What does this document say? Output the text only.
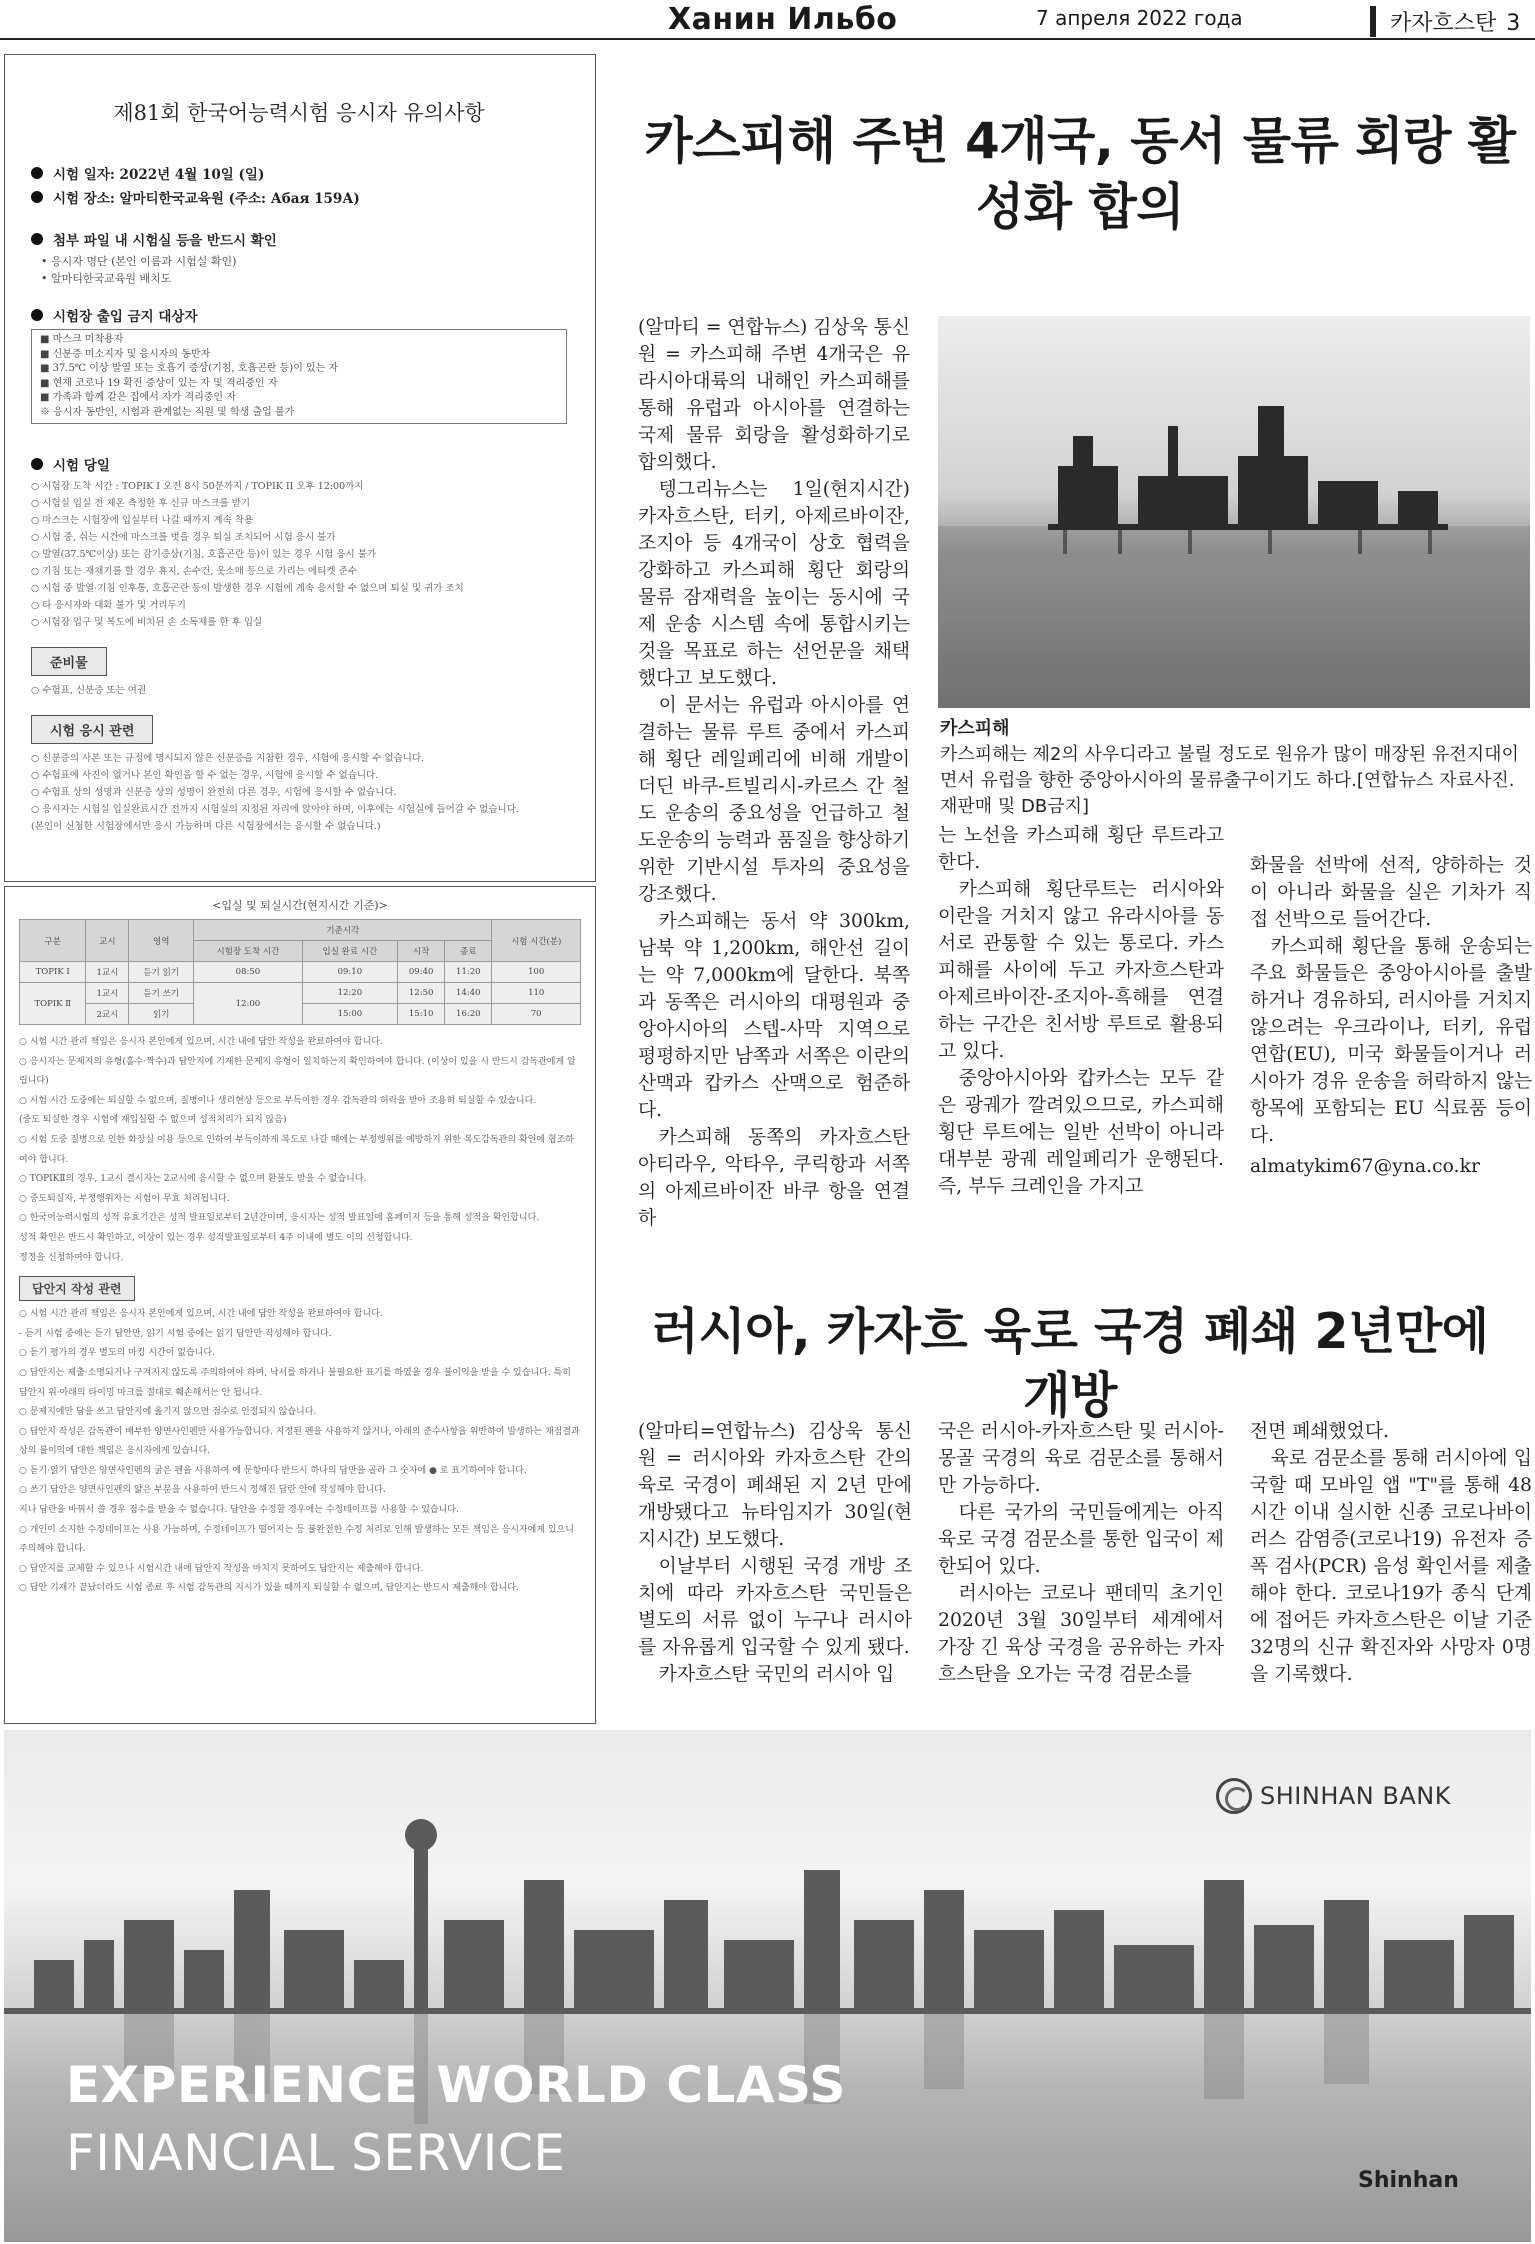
Ханин Ильбо	7 апреля 2022 года	카자흐스탄 3
제81회 한국어능력시험 응시자 유의사항
시험 일자: 2022년 4월 10일 (일)
시험 장소: 알마티한국교육원 (주소: Абая 159А)
첨부 파일 내 시험실 등을 반드시 확인
• 응시자 명단 (본인 이름과 시험실 확인)
• 알마티한국교육원 배치도
시험장 출입 금지 대상자
■ 마스크 미착용자
■ 신분증 미소지자 및 응시자의 동반자
■ 37.5℃ 이상 발열 또는 호흡기 증상(기침, 호흡곤란 등)이 있는 자
■ 현재 코로나 19 확진 증상이 있는 자 및 격리중인 자
■ 가족과 함께 같은 집에서 자가 격리중인 자
※ 응시자 동반인, 시험과 관계없는 직원 및 학생 출입 불가
시험 당일
○ 시험장 도착 시간 : TOPIK I 오전 8시 50분까지 / TOPIK II 오후 12:00까지
○ 시험실 입실 전 체온 측정한 후 신규 마스크를 받기
○ 마스크는 시험장에 입실부터 나갈 때까지 계속 착용
○ 시험 중, 쉬는 시간에 마스크를 벗을 경우 퇴실 조치되어 시험 응시 불가
○ 발열(37.5℃이상) 또는 감기증상(기침, 호흡곤란 등)이 있는 경우 시험 응시 불가
○ 기침 또는 재채기를 할 경우 휴지, 손수건, 옷소매 등으로 가리는 에티켓 준수
○ 시험 중 발열·기침 인후통, 호흡곤란 등이 발생한 경우 시험에 계속 응시할 수 없으며 퇴실 및 귀가 조치
○ 타 응시자와 대화 불가 및 거리두기
○ 시험장 입구 및 복도에 비치된 손 소독제를 한 후 입실
준비물
○ 수험표, 신분증 또는 여권
시험 응시 관련
○ 신분증의 사본 또는 규정에 명시되지 않은 신분증을 지참한 경우, 시험에 응시할 수 없습니다.
○ 수험표에 사진이 없거나 본인 확인을 할 수 없는 경우, 시험에 응시할 수 없습니다.
○ 수험표 상의 성명과 신분증 상의 성명이 완전히 다른 경우, 시험에 응시할 수 없습니다.
○ 응시자는 시험실 입실완료시간 전까지 시험실의 지정된 자리에 앉아야 하며, 이후에는 시험실에 들어갈 수 없습니다.
(본인이 신청한 시험장에서만 응시 가능하며 다른 시험장에서는 응시할 수 없습니다.)
<입실 및 퇴실시간(현지시간 기준)>
구분	교시	영역	기준시각				시험 시간(분)
			시험장 도착 시간	입실 완료 시간	시작	종료	
TOPIK Ⅰ	1교시	듣기 읽기	08:50	09:10	09:40	11:20	100
TOPIK Ⅱ	1교시	듣기 쓰기	12:00	12:20	12:50	14:40	110
	2교시	읽기		15:00	15:10	16:20	70
○ 시험 시간 관리 책임은 응시자 본인에게 있으며, 시간 내에 답안 작성을 완료하여야 합니다.
○ 응시자는 문제지의 유형(홀수·짝수)과 답안지에 기재한 문제지 유형이 일치하는지 확인하여야 합니다. (이상이 있을 시 반드시 감독관에게 알립니다)
○ 시험 시간 도중에는 퇴실할 수 없으며, 질병이나 생리현상 등으로 부득이한 경우 감독관의 허락을 받아 조용히 퇴실할 수 있습니다.
(중도 퇴실한 경우 시험에 재입실할 수 없으며 성적처리가 되지 않음)
○ 시험 도중 질병으로 인한 화장실 이용 등으로 인하여 부득이하게 복도로 나갈 때에는 부정행위를 예방하기 위한 복도감독관의 확인에 협조하여야 합니다.
○ TOPIKⅡ의 경우, 1교시 결시자는 2교시에 응시할 수 없으며 환불도 받을 수 없습니다.
○ 중도퇴실자, 부정행위자는 시험이 무효 처리됩니다.
○ 한국어능력시험의 성적 유효기간은 성적 발표일로부터 2년간이며, 응시자는 성적 발표일에 홈페이지 등을 통해 성적을 확인합니다.
성적 확인은 반드시 확인하고, 이상이 있는 경우 성적발표일로부터 4주 이내에 별도 이의 신청합니다.
정정을 신청하여야 합니다.
답안지 작성 관련
○ 시험 시간 관리 책임은 응시자 본인에게 있으며, 시간 내에 답안 작성을 완료하여야 합니다.
- 듣기 시험 중에는 듣기 답안만, 읽기 시험 중에는 읽기 답안만 작성해야 합니다.
○ 듣기 평가의 경우 별도의 마킹 시간이 없습니다.
○ 답안지는 제출·소명되거나 구겨지지 않도록 주의하여야 하며, 낙서를 하거나 불필요한 표기를 하였을 경우 불이익을 받을 수 있습니다. 특히 답안지 위·아래의 타이밍 마크를 절대로 훼손해서는 안 됩니다.
○ 문제지에만 답을 쓰고 답안지에 옮기지 않으면 점수로 인정되지 않습니다.
○ 답안지 작성은 감독관이 배부한 양면사인펜만 사용가능합니다. 지정된 펜을 사용하지 않거나, 아래의 준수사항을 위반하여 발생하는 채점결과상의 불이익에 대한 책임은 응시자에게 있습니다.
○ 듣기·읽기 답안은 양면사인펜의 굵은 펜을 사용하여 예 문항마다 반드시 하나의 답만을 골라 그 숫자에 ● 로 표기하여야 합니다.
○ 쓰기 답안은 양면사인펜의 얇은 부분을 사용하여 반드시 정해진 답란 안에 작성해야 합니다.
지나 답란을 바꿔서 쓸 경우 점수를 받을 수 없습니다. 답안을 수정할 경우에는 수정테이프를 사용할 수 있습니다.
○ 개인이 소지한 수정테이프는 사용 가능하며, 수정테이프가 떨어지는 등 불완전한 수정 처리로 인해 발생하는 모든 책임은 응시자에게 있으니 주의해야 합니다.
○ 답안지를 교체할 수 있으나 시험시간 내에 답안지 작성을 마치지 못하여도 답안지는 제출해야 합니다.
○ 답안 기재가 끝났더라도 시험 종료 후 시험 감독관의 지시가 있을 때까지 퇴실할 수 없으며, 답안지는 반드시 제출해야 합니다.
카스피해 주변 4개국, 동서 물류 회랑 활성화 합의

(알마티 = 연합뉴스) 김상욱 통신원 = 카스피해 주변 4개국은 유라시아대륙의 내해인 카스피해를 통해 유럽과 아시아를 연결하는 국제 물류 회랑을 활성화하기로 합의했다.

텡그리뉴스는 1일(현지시간) 카자흐스탄, 터키, 아제르바이잔, 조지아 등 4개국이 상호 협력을 강화하고 카스피해 횡단 회랑의 물류 잠재력을 높이는 동시에 국제 운송 시스템 속에 통합시키는 것을 목표로 하는 선언문을 채택했다고 보도했다.

이 문서는 유럽과 아시아를 연결하는 물류 루트 중에서 카스피해 횡단 레일페리에 비해 개발이 더딘 바쿠-트빌리시-카르스 간 철도 운송의 중요성을 언급하고 철도운송의 능력과 품질을 향상하기 위한 기반시설 투자의 중요성을 강조했다.

카스피해는 동서 약 300km, 남북 약 1,200km, 해안선 길이는 약 7,000km에 달한다. 북쪽과 동쪽은 러시아의 대평원과 중앙아시아의 스텝-사막 지역으로 평평하지만 남쪽과 서쪽은 이란의 산맥과 캅카스 산맥으로 험준하다.

카스피해 동쪽의 카자흐스탄 아티라우, 악타우, 쿠릭항과 서쪽의 아제르바이잔 바쿠 항을 연결하

카스피해
카스피해는 제2의 사우디라고 불릴 정도로 원유가 많이 매장된 유전지대이면서 유럽을 향한 중앙아시아의 물류출구이기도 하다.[연합뉴스 자료사진. 재판매 및 DB금지]

는 노선을 카스피해 횡단 루트라고 한다.

카스피해 횡단루트는 러시아와 이란을 거치지 않고 유라시아를 동서로 관통할 수 있는 통로다. 카스피해를 사이에 두고 카자흐스탄과 아제르바이잔-조지아-흑해를 연결하는 구간은 친서방 루트로 활용되고 있다.

중앙아시아와 캅카스는 모두 같은 광궤가 깔려있으므로, 카스피해 횡단 루트에는 일반 선박이 아니라 대부분 광궤 레일페리가 운행된다. 즉, 부두 크레인을 가지고

화물을 선박에 선적, 양하하는 것이 아니라 화물을 실은 기차가 직접 선박으로 들어간다.

카스피해 횡단을 통해 운송되는 주요 화물들은 중앙아시아를 출발하거나 경유하되, 러시아를 거치지 않으려는 우크라이나, 터키, 유럽연합(EU), 미국 화물들이거나 러시아가 경유 운송을 허락하지 않는 항목에 포함되는 EU 식료품 등이다.

almatykim67@yna.co.kr

러시아, 카자흐 육로 국경 폐쇄 2년만에 개방

(알마티=연합뉴스) 김상욱 통신원 = 러시아와 카자흐스탄 간의 육로 국경이 폐쇄된 지 2년 만에 개방됐다고 뉴타임지가 30일(현지시간) 보도했다.

이날부터 시행된 국경 개방 조치에 따라 카자흐스탄 국민들은 별도의 서류 없이 누구나 러시아를 자유롭게 입국할 수 있게 됐다.

카자흐스탄 국민의 러시아 입

국은 러시아-카자흐스탄 및 러시아-몽골 국경의 육로 검문소를 통해서만 가능하다.

다른 국가의 국민들에게는 아직 육로 국경 검문소를 통한 입국이 제한되어 있다.

러시아는 코로나 팬데믹 초기인 2020년 3월 30일부터 세계에서 가장 긴 육상 국경을 공유하는 카자흐스탄을 오가는 국경 검문소를

전면 폐쇄했었다.

육로 검문소를 통해 러시아에 입국할 때 모바일 앱 "T"를 통해 48시간 이내 실시한 신종 코로나바이러스 감염증(코로나19) 유전자 증폭 검사(PCR) 음성 확인서를 제출해야 한다. 코로나19가 종식 단계에 접어든 카자흐스탄은 이날 기준 32명의 신규 확진자와 사망자 0명을 기록했다.

SHINHAN BANK
EXPERIENCE WORLD CLASS
FINANCIAL SERVICE	Shinhan
